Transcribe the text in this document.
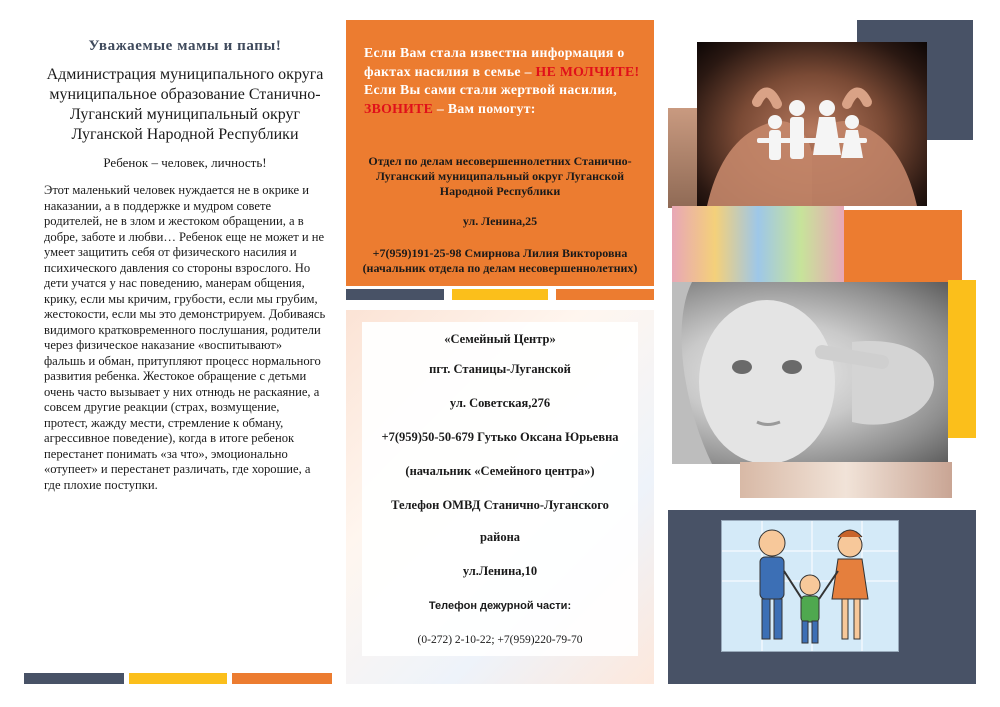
Уважаемые мамы и папы!
Администрация муниципального округа муниципальное образование Станично-Луганский муниципальный округ Луганской Народной Республики
Ребенок – человек, личность!
Этот маленький человек нуждается не в окрике и наказании, а в поддержке и мудром совете родителей, не в злом и жестоком обращении, а в добре, заботе и любви… Ребенок еще не может и не умеет защитить себя от физического насилия и психического давления со стороны взрослого. Но дети учатся у нас поведению, манерам общения, крику, если мы кричим, грубости, если мы грубим, жестокости, если мы это демонстрируем. Добиваясь видимого кратковременного послушания, родители через физическое наказание «воспитывают» фальшь и обман, притупляют процесс нормального развития ребенка. Жестокое обращение с детьми очень часто вызывает у них отнюдь не раскаяние, а совсем другие реакции (страх, возмущение, протест, жажду мести, стремление к обману, агрессивное поведение), когда в итоге ребенок перестанет понимать «за что», эмоционально «отупеет» и перестанет различать, где хорошие, а где плохие поступки.
Если Вам стала известна информация о фактах насилия в семье – НЕ МОЛЧИТЕ! Если Вы сами стали жертвой насилия, ЗВОНИТЕ – Вам помогут:
Отдел по делам несовершеннолетних Станично-Луганский муниципальный округ Луганской Народной Республики
ул. Ленина,25
+7(959)191-25-98 Смирнова Лилия Викторовна (начальник отдела по делам несовершеннолетних)
«Семейный Центр»
пгт. Станицы-Луганской
ул. Советская,276
+7(959)50-50-679 Гутько Оксана Юрьевна
(начальник «Семейного центра»)
Телефон ОМВД Станично-Луганского
района
ул.Ленина,10
Телефон дежурной части:
(0-272) 2-10-22; +7(959)220-79-70
